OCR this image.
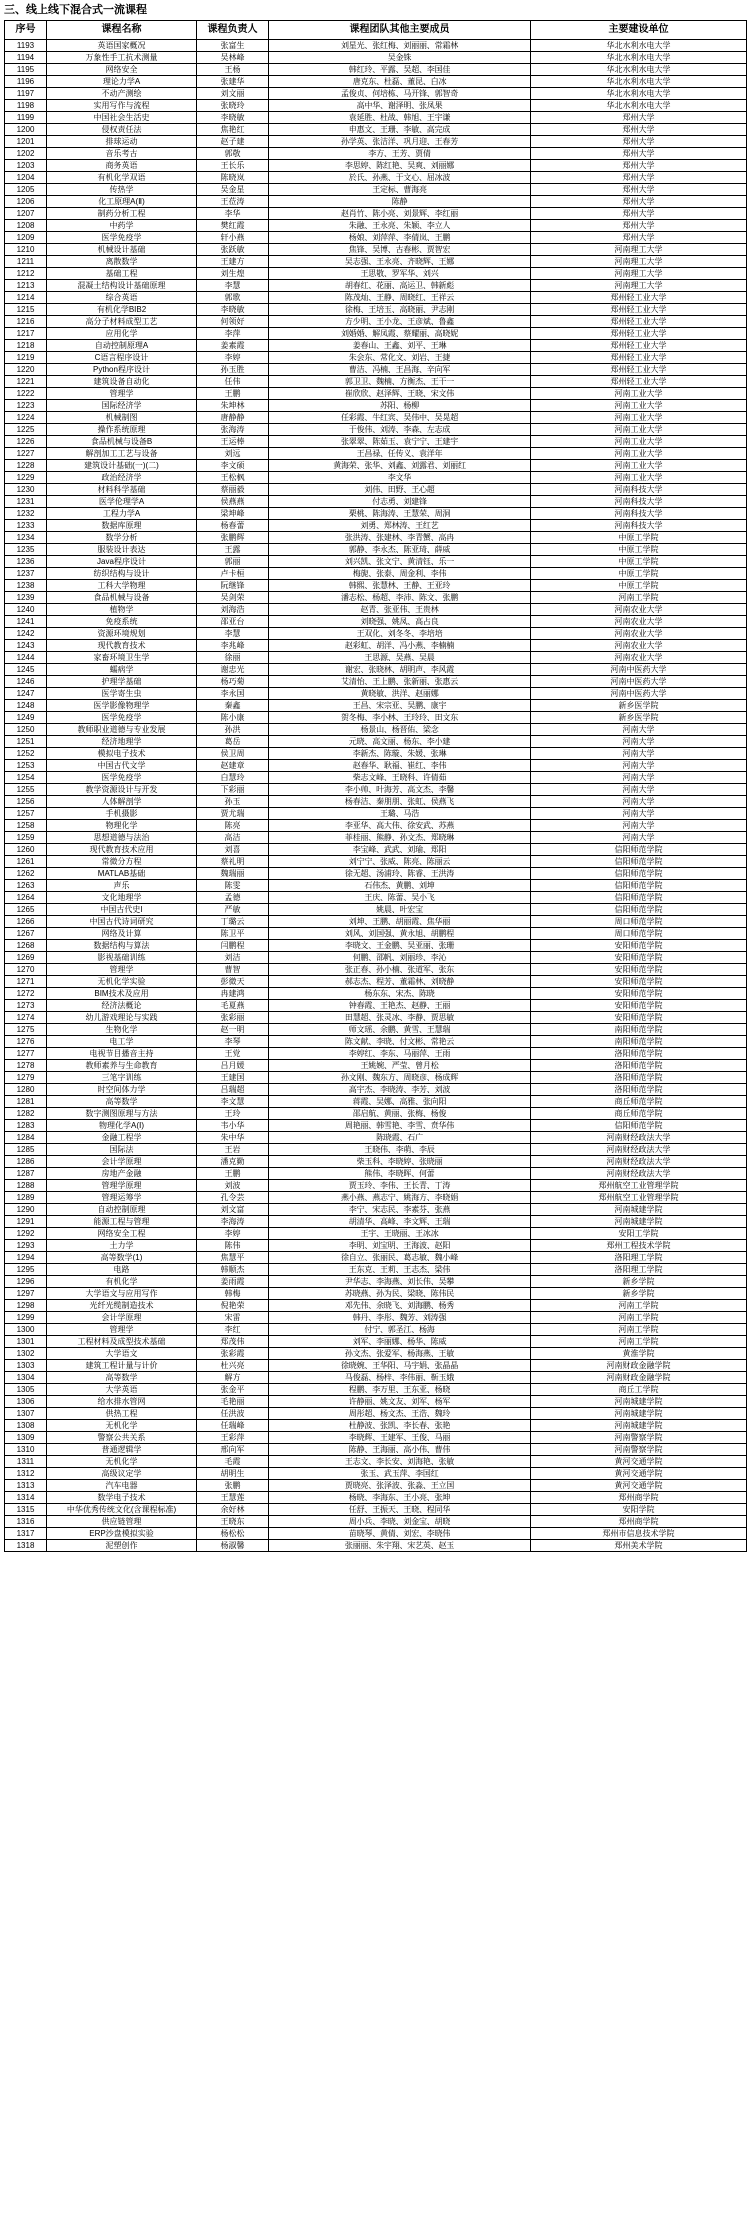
三、线上线下混合式一流课程
序号	课程名称	课程负责人	课程团队其他主要成员	主要建设单位
1193	英语国家概况	张富生	刘星光、张红梅、刘丽丽、常霜林	华北水利水电大学
1194	万象性手工抗术测量	吴林峰	吴金铢	华北水利水电大学
1195	网络安全	王杨	韩红玲、平露、吴超、李国佳	华北水利水电大学
1196	理论力学A	张建华	唐克东、杜磊、董昆、白冰	华北水利水电大学
1197	不动产测绘	刘文丽	孟俊贞、何培栋、马开锋、郭智奇	华北水利水电大学
1198	实用写作与流程	张晓玲	高中华、谢泽明、张凤果	华北水利水电大学
1199	中国社会生活史	李晓敏	袁延胜、杜战、韩旭、王宇谦	郑州大学
1200	侵权责任法	焦艳红	申惠文、王珊、李敏、高完成	郑州大学
1201	排球运动	赵子建	孙学英、张洁洋、巩月迎、王春芳	郑州大学
1202	音乐考古	郭敬	李方、王芳、贾倩	郑州大学
1203	商务英语	王长乐	李思婷、陈红艳、吴爽、刘丽娜	郑州大学
1204	有机化学双语	陈晓岚	於氏、孙燕、于文心、屈冰波	郑州大学
1205	传热学	吴金星	王定标、曹海亮	郑州大学
1206	化工原理A(Ⅱ)	王莅涛	陈静	郑州大学
1207	制药分析工程	李华	赵肖竹、陈小亮、刘景辉、李红丽	郑州大学
1208	中药学	樊红霞	朱融、王永亮、朱颖、李立人	郑州大学
1209	医学免疫学	轩小燕	杨娘、刘萍萍、李倩岚、王鹏	郑州大学
1210	机械设计基础	张跃敏	焦锋、吴博、古春彬、贾智宏	河南理工大学
1211	离散数学	王建方	吴志强、王永亮、齐晓辉、王娜	河南理工大学
1212	基础工程	刘生煌	王思敬、罗军华、刘兴	河南理工大学
1213	混凝土结构设计基础原理	李慧	胡春红、花丽、高运卫、韩新彪	河南理工大学
1214	综合英语	郭歌	陈茂灿、王静、周晓红、王祥云	郑州轻工业大学
1215	有机化学BIB2	李晓敏	徐梅、王培玉、高晓丽、尹志刚	郑州轻工业大学
1216	高分子材料成型工艺	何领好	方少明、王小龙、王彦斌、鲁鑫	郑州轻工业大学
1217	应用化学	李萍	刘婚婚、解凤霞、蔡耀丽、高晓妮	郑州轻工业大学
1218	自动控制原理A	姜素霞	姜春山、王鑫、刘平、王琳	郑州轻工业大学
1219	C语言程序设计	李婷	朱会东、常化文、刘岩、王捷	郑州轻工业大学
1220	Python程序设计	孙玉胜	曹洁、冯楠、王昌海、辛向军	郑州轻工业大学
1221	建筑设备自动化	任伟	郭卫卫、魏楠、方衡杰、王干一	郑州轻工业大学
1222	管理学	王鹏	崔欣欣、赵泽辉、王晓、宋文伟	河南工业大学
1223	国际经济学	朱坤林	苏阳、杨柳	河南工业大学
1224	机械制图	唐静静	任彩霞、牛红宾、吴伟中、吴晃超	河南工业大学
1225	操作系统原理	张海涛	于俊伟、刘涛、李森、左志成	河南工业大学
1226	食品机械与设备B	王运棒	张翠翠、陈茹玉、袁宁宁、王建宇	河南工业大学
1227	解剖加工工艺与设备	刘远	王昌禄、任传义、袁洋年	河南工业大学
1228	建筑设计基础(一)(二)	李文硕	黄海荣、张华、刘鑫、刘露君、刘丽红	河南工业大学
1229	政治经济学	王松枫	李文华	河南工业大学
1230	材料科学基础	蔡丽毅	刘伟、田野、王心超	河南科技大学
1231	医学伦理学A	侯燕燕	付志勇、刘建锋	河南科技大学
1232	工程力学A	梁坤峰	栗桃、陈海涛、王慧荣、周洞	河南科技大学
1233	数据库原理	杨春蕾	刘勇、郑林涛、王红艺	河南科技大学
1234	数学分析	张鹏辉	张洪涛、张建林、李青蟹、高冉	中原工学院
1235	服装设计表达	王露	郭静、李永杰、陈亚琦、薛威	中原工学院
1236	Java程序设计	郭丽	刘兴凯、张文宁、黄清钰、乐一	中原工学院
1237	纺织结构与设计	卢卡桓	梅旎、张泰、周金利、李伟	中原工学院
1238	工科大学物理	阮继锋	韩熙、张慧林、王静、王亚玲	中原工学院
1239	食品机械与设备	吴剑荣	潘志松、杨超、李沛、陈文、张鹏	河南工学院
1240	植物学	刘海浩	赵青、张亚伟、王贵林	河南农业大学
1241	免疫系统	邵亚台	刘晓强、姚凤、高占良	河南农业大学
1242	资源环境规划	李慧	王双化、刘冬冬、李培培	河南农业大学
1243	现代教育技术	李兆峰	赵彩虹、胡洋、冯小燕、李楠楠	河南农业大学
1244	家畜环境卫生学	徐丽	王思源、吴燕、吴晨	河南农业大学
1245	蠕病学	谢忠光	谢宏、张晓林、胡明声、李风霞	河南中医药大学
1246	护理学基础	杨巧菊	艾清怡、王上鹏、张新丽、张惠云	河南中医药大学
1247	医学寄生虫	李永国	黄晓敏、洪洋、赵丽娜	河南中医药大学
1248	医学影像物理学	秦鑫	王昌、宋宗亚、吴鹏、康宇	新乡医学院
1249	医学免疫学	陈小康	贺冬梅、李小林、王玲玲、田文东	新乡医学院
1250	教师职业道德与专业发展	孙洪	杨景山、杨晋佑、梁念	河南大学
1251	经济地理学	葛岳	元晓、高文丽、杨东、李小建	河南大学
1252	模拟电子技术	侯卫周	李新杰、陈璇、朱媛、张琳	河南大学
1253	中国古代文学	赵建章	赵春华、耿福、崔红、李伟	河南大学
1254	医学免疫学	白慧玲	柴志文峰、王晓科、许倩茹	河南大学
1255	教学资源设计与开发	下彩丽	李小帅、叶海芳、高文杰、李馨	河南大学
1256	人体解剖学	孙玉	杨春洁、秦朋朋、张虹、侯燕飞	河南大学
1257	手机摄影	贾尤瑞	王璐、马浩	河南大学
1258	物理化学	陈亮	李亚华、高大伟、徐安武、苏燕	河南大学
1259	思想道德与法治	高洁	菲桂丽、熊静、孙文杰、郑晓琳	河南大学
1260	现代教育技术应用	刘喜	李宝峰、武武、刘瑜、郑阳	信阳师范学院
1261	常微分方程	蔡礼明	刘宁宁、张威、陈亮、陈丽云	信阳师范学院
1262	MATLAB基础	魏瑞丽	徐无超、汤浦玲、陈睿、王洪涛	信阳师范学院
1263	声乐	陈雯	石伟杰、黄鹏、刘坤	信阳师范学院
1264	文化地理学	孟德	王庆、陈蕾、吴小飞	信阳师范学院
1265	中国古代史I	严敏	姚晨、叶宏宝	信阳师范学院
1266	中国古代诗词研究	丁璐云	刘坤、王鹏、胡丽霞、焦华丽	周口师范学院
1267	网络及计算	陈卫平	刘风、刘国强、黄永旭、胡鹏程	周口师范学院
1268	数据结构与算法	闫鹏程	李晓文、王金鹏、吴亚丽、张珊	安阳师范学院
1269	影视基础训练	刘洁	何鹏、邵帆、刘丽珍、李沁	安阳师范学院
1270	管理学	曹智	张正春、孙小楠、张道军、张东	安阳师范学院
1271	无机化学实验	彭微天	郝志杰、程芳、董霜林、刘晓静	安阳师范学院
1272	BIM技术及应用	冉建鸿	杨东东、宋杰、陈晓	安阳师范学院
1273	经济法概论	毛夏燕	钟春霞、王艳杰、赵静、王丽	安阳师范学院
1274	幼儿游戏理论与实践	张彩丽	田慧超、张灵冰、李静、贾思敏	安阳师范学院
1275	生物化学	赵一明	师文瑶、余鹏、黄雪、王慧瑞	南阳师范学院
1276	电工学	李琴	陈文献、李晓、付文彬、常艳云	南阳师范学院
1277	电视节目播音主持	王党	李婷红、李东、马丽萍、王雨	洛阳师范学院
1278	教师素养与生命教育	吕月媛	王姚婉、严莹、曾月松	洛阳师范学院
1279	三笔字训练	王建国	孙文刚、魏东方、周晓彦、杨成辉	洛阳师范学院
1280	时空间体力学	吕瑞超	高宇杰、李晓涛、李芳、刘波	洛阳师范学院
1281	高等数学	李文慧	蒋霞、吴娜、高雅、张向阳	商丘师范学院
1282	数字测图原理与方法	王玲	邵启航、黄丽、张梅、杨俊	商丘师范学院
1283	物理化学A(Ⅰ)	韦小华	周艳丽、韩雪艳、李雪、贲华伟	信阳师范学院
1284	金融工程学	朱中华	陈晓霞、石广	河南财经政法大学
1285	国际法	王岩	王晓伟、李萌、李辰	河南财经政法大学
1286	会计学原理	潘克勤	柴玉科、李晓婷、张晓丽	河南财经政法大学
1287	房地产金融	王鹏	熊伟、李晓晖、何蕾	河南财经政法大学
1288	管理学原理	刘波	贾玉玲、李伟、王长青、丁涛	郑州航空工业管理学院
1289	管理运筹学	孔令芸	燕小燕、燕志宁、姚海方、李晓娟	郑州航空工业管理学院
1290	自动控制原理	刘文富	李宁、宋志民、李素芬、张燕	河南城建学院
1291	能源工程与管理	李海涛	胡清华、高峰、李文辉、王瑞	河南城建学院
1292	网络安全工程	李婷	王宇、王晓丽、王冰冰	安阳工学院
1293	土力学	陈伟	李明、刘宝明、王海波、赵阳	郑州工程技术学院
1294	高等数学(1)	焦慧平	徐自立、张丽民、葛志敏、魏小峰	洛阳理工学院
1295	电路	韩顺杰	王东克、王莉、王志杰、梁伟	洛阳理工学院
1296	有机化学	姜雨霞	尹华志、李海燕、刘长伟、吴攀	新乡学院
1297	大学语文与应用写作	韩梅	苏晓燕、孙为民、梁晓、陈伟民	新乡学院
1298	光纤光缆制造技术	倪艳荣	邓先伟、余晓飞、刘海鹏、杨秀	河南工学院
1299	会计学原理	宋雷	韩丹、李彤、魏芳、刘涛强	河南工学院
1300	管理学	李红	付宁、郭圣江、杨海	河南工学院
1301	工程材料及成型技术基础	郑茂伟	刘军、李丽娜、杨华、陈威	河南工学院
1302	大学语文	张彩霞	孙文杰、张爱军、杨海燕、王敏	黄淮学院
1303	建筑工程计量与计价	杜兴亮	徐晓婉、王华阳、马宇娟、张晶晶	河南财政金融学院
1304	高等数学	解方	马俊磊、杨梓、李伟丽、靳玉娥	河南财政金融学院
1305	大学英语	张金平	程鹏、李万里、王东亚、杨晓	商丘工学院
1306	给水排水管网	毛艳丽	许静丽、姚文友、刘军、杨军	河南城建学院
1307	供热工程	任洪波	周彤超、杨文杰、王浩、魏玲	河南城建学院
1308	无机化学	任瑞峰	杜静波、张凯、李长春、张艳	河南城建学院
1309	警察公共关系	王彩萍	李晓辉、王建军、王俊、马丽	河南警察学院
1310	普通逻辑学	邢向军	陈静、王海丽、高小伟、曹伟	河南警察学院
1311	无机化学	毛霞	王志文、李长安、刘海艳、张敏	黄河交通学院
1312	高级议定学	胡明生	张玉、武玉萍、李国红	黄河交通学院
1313	汽车电器	张鹏	贾晓亮、张泽波、张淼、王立国	黄河交通学院
1314	数学电子技术	王慧莲	杨晓、李海东、王小亮、张坤	郑州商学院
1315	中华优秀传统文化(含课程标准)	余好林	任舒、王振天、王晓、程同华	安阳学院
1316	供应链管理	王晓东	周小兵、李晓、刘金宝、胡晓	郑州商学院
1317	ERP沙盘模拟实验	杨松松	苗晓琴、黄倩、刘宏、李晓伟	郑州市信息技术学院
1318	泥塑创作	杨淑馨	张丽丽、朱宇翔、宋艺英、赵玉	郑州美术学院
